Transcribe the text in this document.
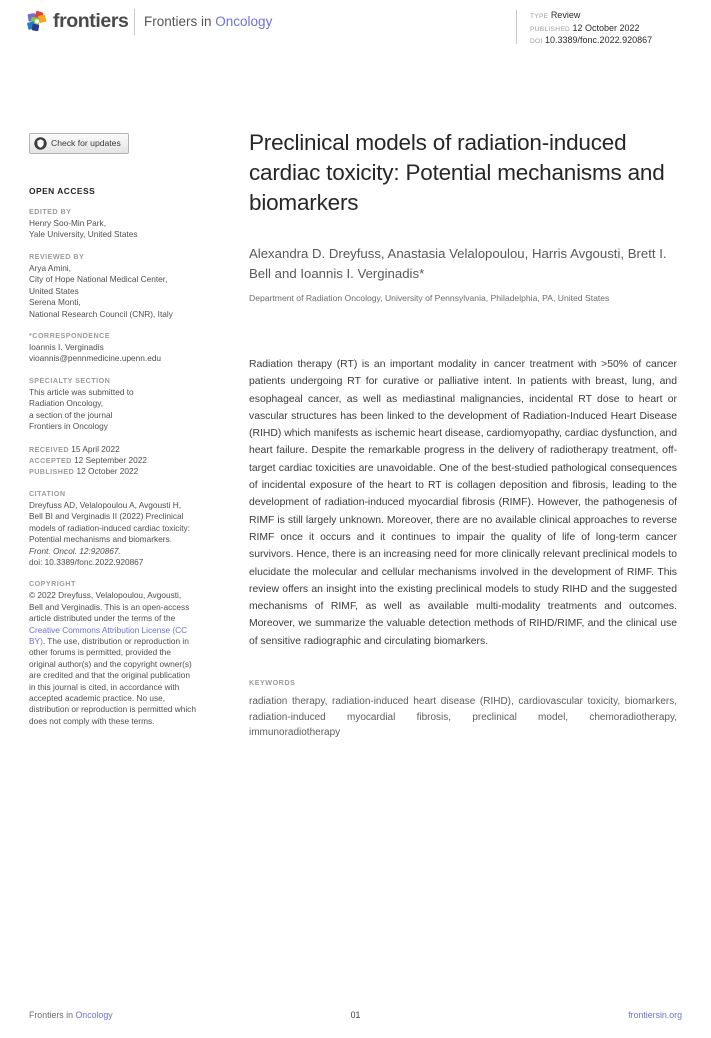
frontiers Frontiers in Oncology	TYPE Review
PUBLISHED 12 October 2022
DOI 10.3389/fonc.2022.920867
Check for updates
OPEN ACCESS
EDITED BY

Henry Soo-Min Park,

Yale University, United States

REVIEWED BY

Arya Amini,

City of Hope National Medical Center,

United States

Serena Monti,

National Research Council (CNR), Italy

*CORRESPONDENCE

Ioannis I. Verginadis

vioannis@pennmedicine.upenn.edu

SPECIALTY SECTION

This article was submitted to

Radiation Oncology,

a section of the journal

Frontiers in Oncology

RECEIVED 15 April 2022

ACCEPTED 12 September 2022

PUBLISHED 12 October 2022

CITATION

Dreyfuss AD, Velalopoulou A, Avgousti H, Bell BI and Verginadis II (2022) Preclinical models of radiation-induced cardiac toxicity: Potential mechanisms and biomarkers.

Front. Oncol. 12:920867.

doi: 10.3389/fonc.2022.920867

COPYRIGHT

© 2022 Dreyfuss, Velalopoulou, Avgousti, Bell and Verginadis. This is an open-access article distributed under the terms of the Creative Commons Attribution License (CC BY). The use, distribution or reproduction in other forums is permitted, provided the original author(s) and the copyright owner(s) are credited and that the original publication in this journal is cited, in accordance with accepted academic practice. No use, distribution or reproduction is permitted which does not comply with these terms.

Preclinical models of radiation-induced cardiac toxicity: Potential mechanisms and biomarkers

Alexandra D. Dreyfuss, Anastasia Velalopoulou, Harris Avgousti, Brett I. Bell and Ioannis I. Verginadis*

Department of Radiation Oncology, University of Pennsylvania, Philadelphia, PA, United States

Radiation therapy (RT) is an important modality in cancer treatment with >50% of cancer patients undergoing RT for curative or palliative intent. In patients with breast, lung, and esophageal cancer, as well as mediastinal malignancies, incidental RT dose to heart or vascular structures has been linked to the development of Radiation-Induced Heart Disease (RIHD) which manifests as ischemic heart disease, cardiomyopathy, cardiac dysfunction, and heart failure. Despite the remarkable progress in the delivery of radiotherapy treatment, off-target cardiac toxicities are unavoidable. One of the best-studied pathological consequences of incidental exposure of the heart to RT is collagen deposition and fibrosis, leading to the development of radiation-induced myocardial fibrosis (RIMF). However, the pathogenesis of RIMF is still largely unknown. Moreover, there are no available clinical approaches to reverse RIMF once it occurs and it continues to impair the quality of life of long-term cancer survivors. Hence, there is an increasing need for more clinically relevant preclinical models to elucidate the molecular and cellular mechanisms involved in the development of RIMF. This review offers an insight into the existing preclinical models to study RIHD and the suggested mechanisms of RIMF, as well as available multi-modality treatments and outcomes. Moreover, we summarize the valuable detection methods of RIHD/RIMF, and the clinical use of sensitive radiographic and circulating biomarkers.

KEYWORDS

radiation therapy, radiation-induced heart disease (RIHD), cardiovascular toxicity, biomarkers, radiation-induced myocardial fibrosis, preclinical model, chemoradiotherapy, immunoradiotherapy

Frontiers in Oncology	01	frontiersin.org
